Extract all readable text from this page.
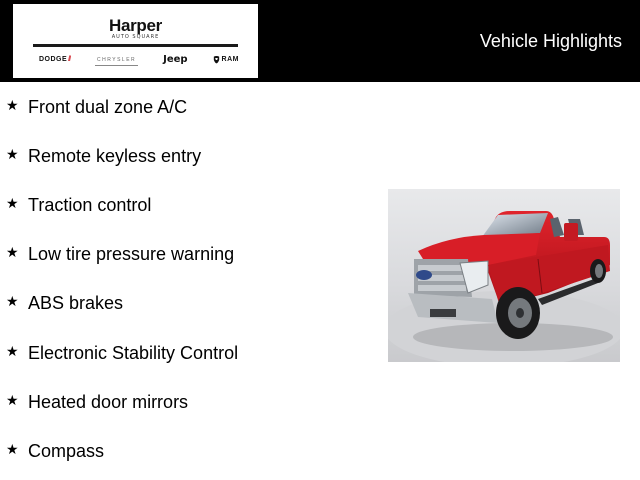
Harper
AUTO SQUARE
DODGE//	CHRYSLER	Jeep	RAM
Vehicle Highlights
★ Front dual zone A/C
★ Remote keyless entry
★ Traction control
★ Low tire pressure warning
★ ABS brakes
★ Electronic Stability Control
★ Heated door mirrors
★ Compass
